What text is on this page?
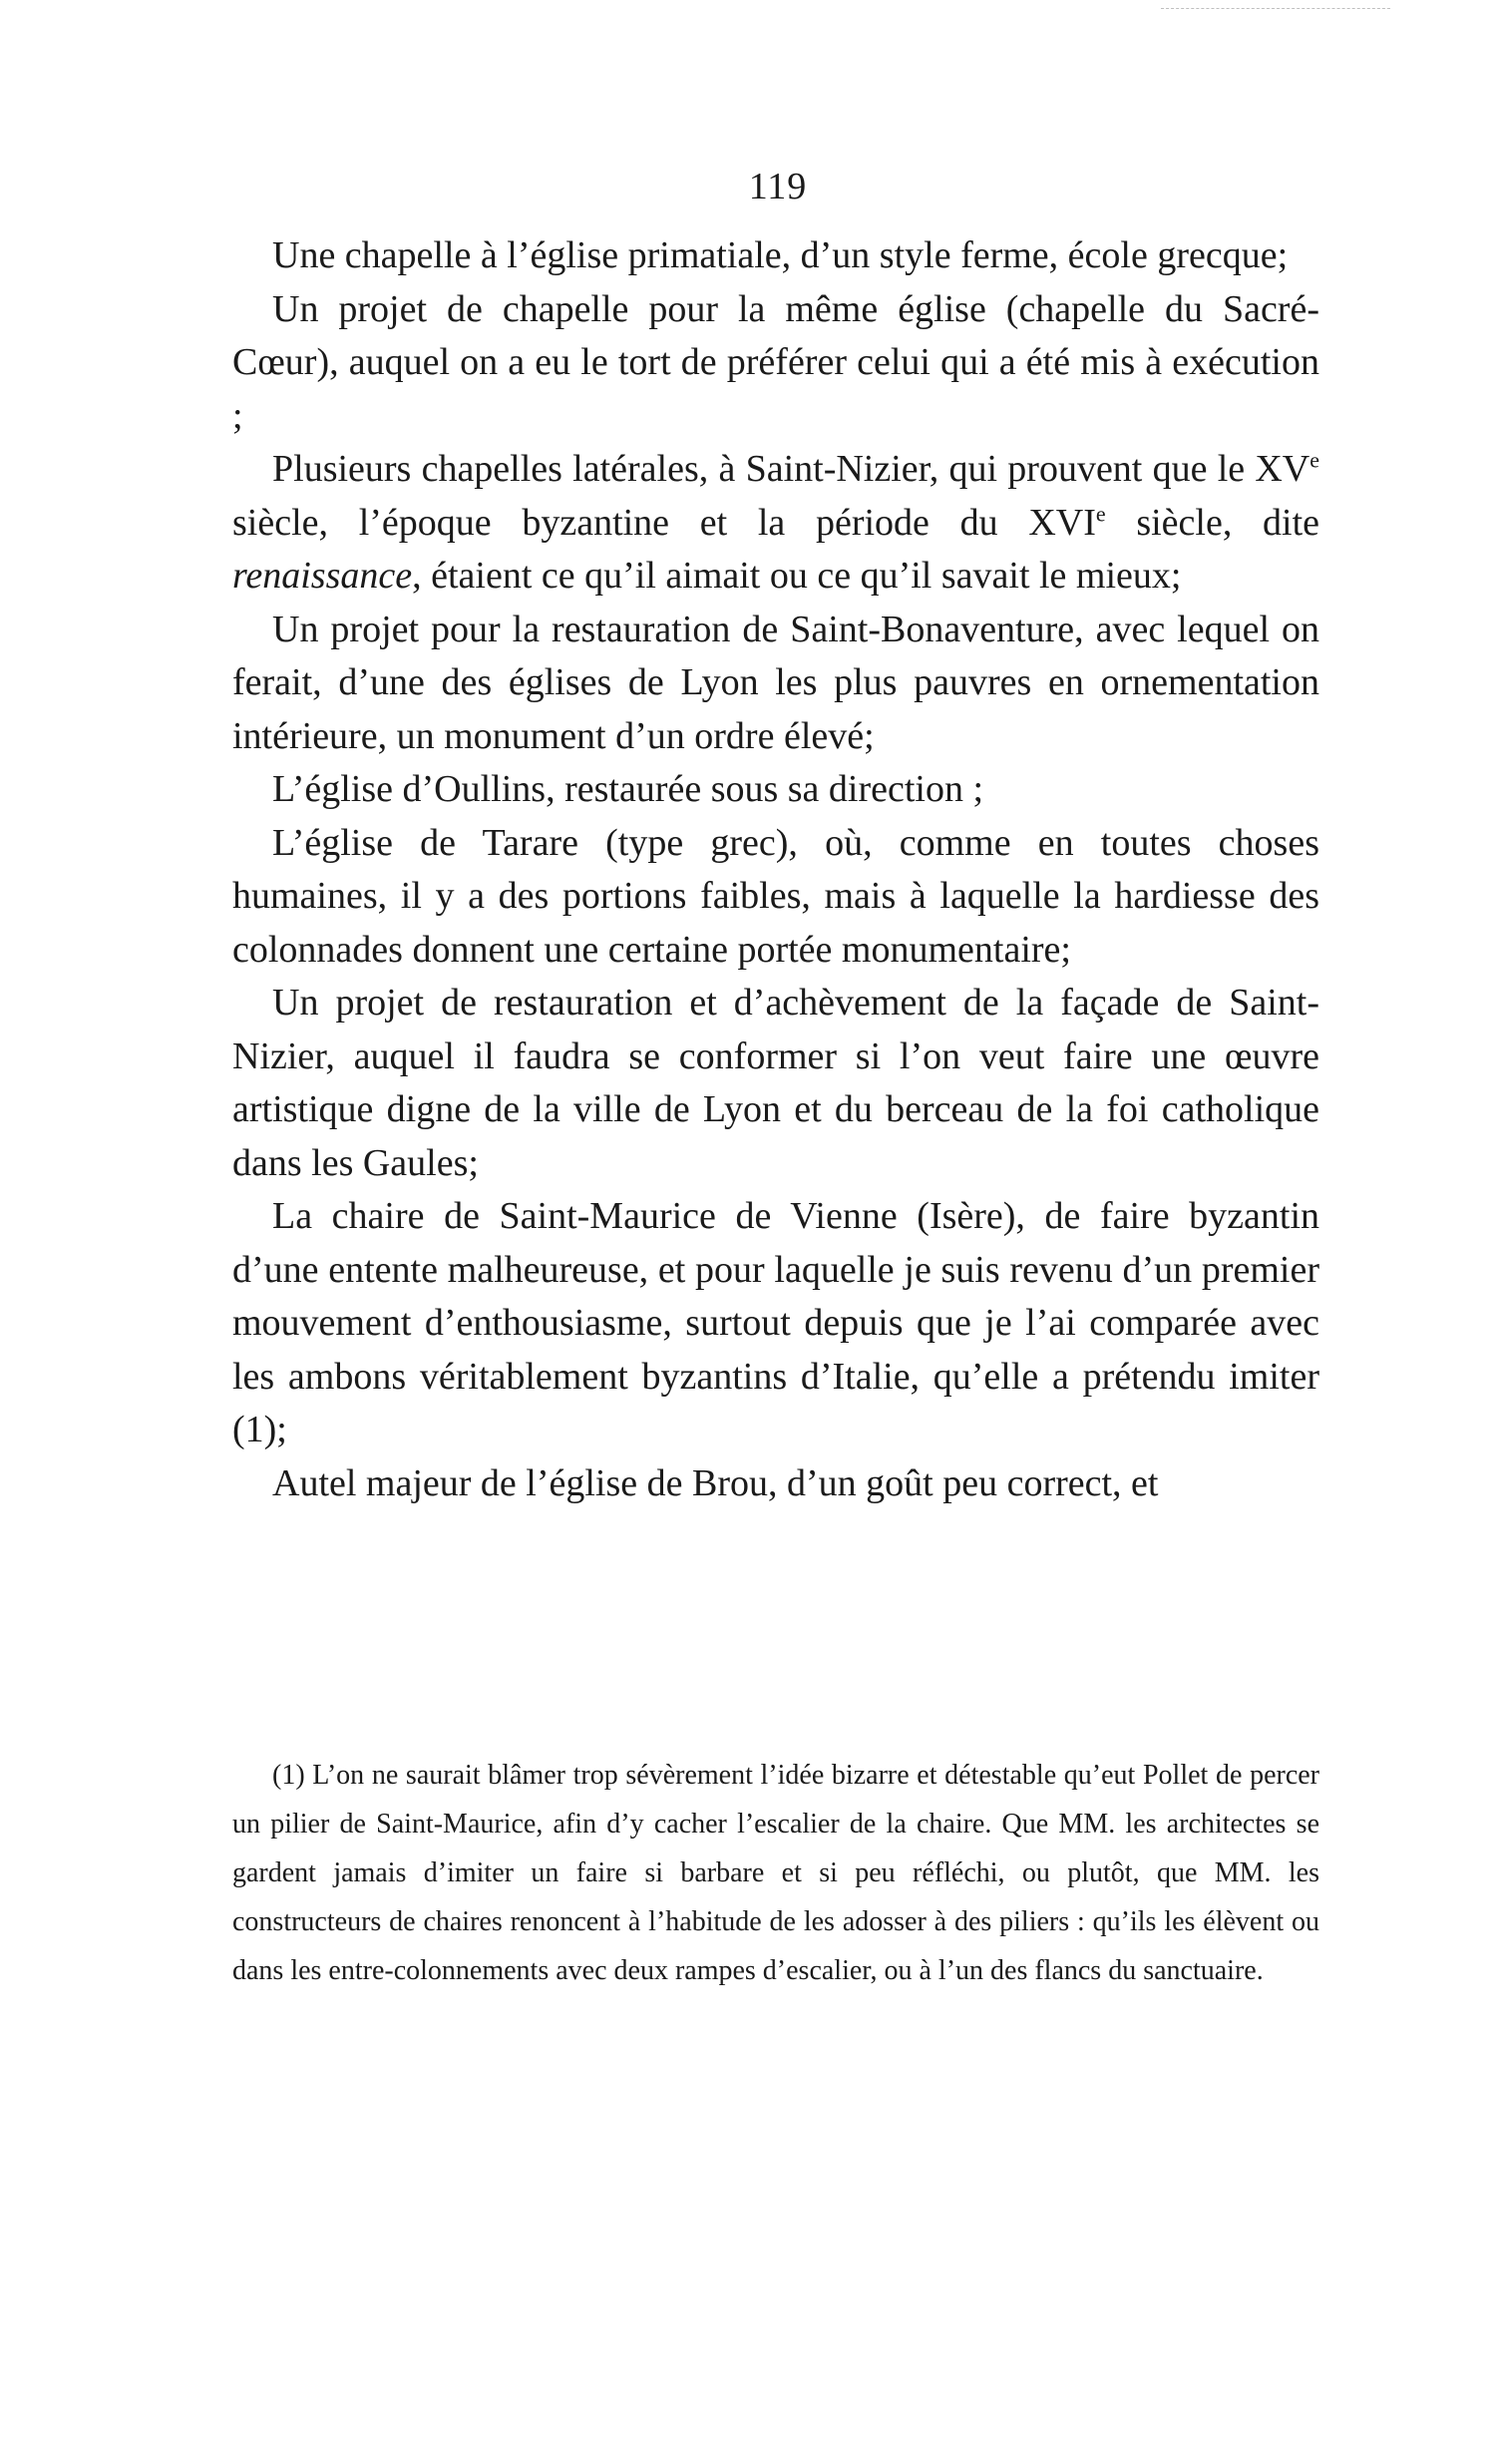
119

Une chapelle à l’église primatiale, d’un style ferme, école grecque;

Un projet de chapelle pour la même église (chapelle du Sacré-Cœur), auquel on a eu le tort de préférer celui qui a été mis à exécution ;

Plusieurs chapelles latérales, à Saint-Nizier, qui prouvent que le XVe siècle, l’époque byzantine et la période du XVIe siècle, dite renaissance, étaient ce qu’il aimait ou ce qu’il savait le mieux;

Un projet pour la restauration de Saint-Bonaventure, avec lequel on ferait, d’une des églises de Lyon les plus pauvres en ornementation intérieure, un monument d’un ordre élevé;

L’église d’Oullins, restaurée sous sa direction ;

L’église de Tarare (type grec), où, comme en toutes choses humaines, il y a des portions faibles, mais à laquelle la hardiesse des colonnades donnent une certaine portée monumentaire;

Un projet de restauration et d’achèvement de la façade de Saint-Nizier, auquel il faudra se conformer si l’on veut faire une œuvre artistique digne de la ville de Lyon et du berceau de la foi catholique dans les Gaules;

La chaire de Saint-Maurice de Vienne (Isère), de faire byzantin d’une entente malheureuse, et pour laquelle je suis revenu d’un premier mouvement d’enthousiasme, surtout depuis que je l’ai comparée avec les ambons véritablement byzantins d’Italie, qu’elle a prétendu imiter (1);

Autel majeur de l’église de Brou, d’un goût peu correct, et

(1) L’on ne saurait blâmer trop sévèrement l’idée bizarre et détestable qu’eut Pollet de percer un pilier de Saint-Maurice, afin d’y cacher l’escalier de la chaire. Que MM. les architectes se gardent jamais d’imiter un faire si barbare et si peu réfléchi, ou plutôt, que MM. les constructeurs de chaires renoncent à l’habitude de les adosser à des piliers : qu’ils les élèvent ou dans les entre-colonnements avec deux rampes d’escalier, ou à l’un des flancs du sanctuaire.
